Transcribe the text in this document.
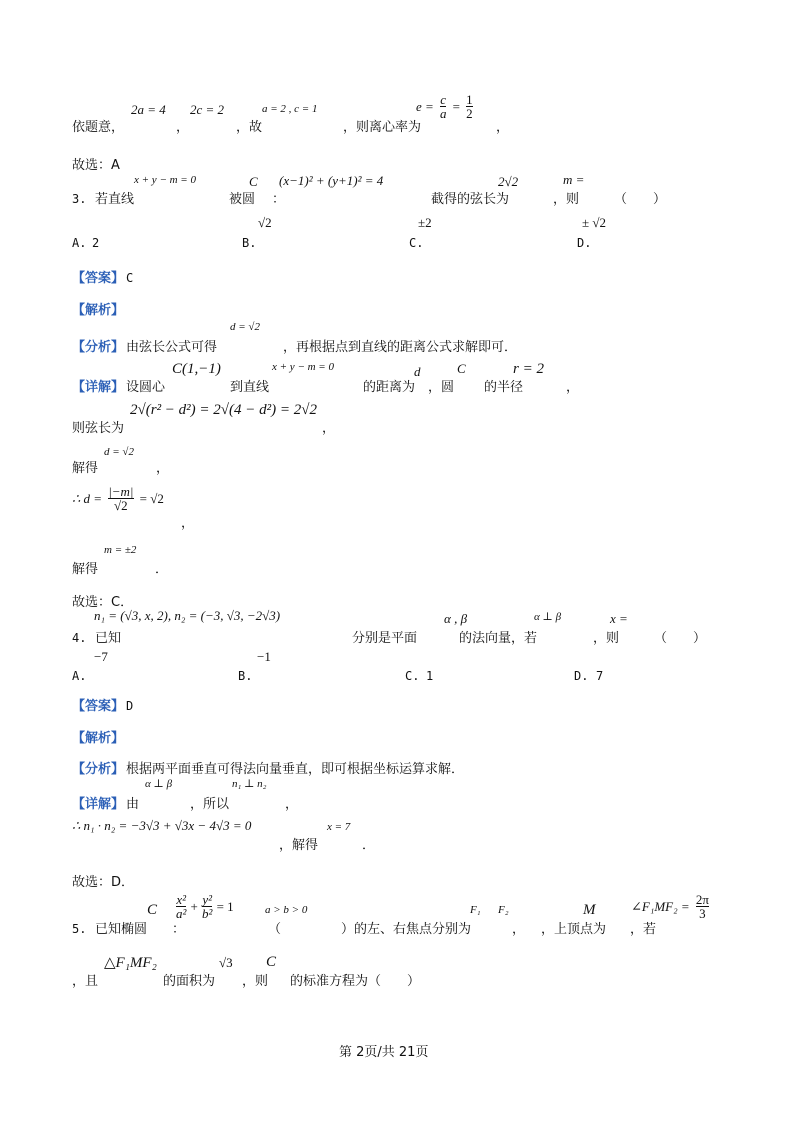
2a = 4 2c = 2	a = 2 , c = 1
依题意，	，	，故	，则离心率为	，
$e = \frac{c}{a} = \frac{1}{2}$
故选：A
x + y − m = 0	C (x−1)² + (y+1)² = 4	2√2	m =
3. 若直线	被圆 ：	截得的弦长为	，则	（　　）
√2	±2	± √2
A. 2	B.	C.	D.
【答案】 C
【解析】
d = √2
【分析】 由弦长公式可得	，再根据点到直线的距离公式求解即可．
C(1,−1)	x + y − m = 0	d	C	r = 2
【详解】 设圆心	到直线	的距离为 ，圆 的半径	，
2√(r² − d²) = 2√(4 − d²) = 2√2
则弦长为	，
d = √2
解得	，
∴ $d = \frac{|-m|}{√2} = √2$
，
m = ±2
解得	．
故选：C．
n₁ = (√3, x, 2), n₂ = (−3, √3, −2√3)	α , β	α ⊥ β	x =
4. 已知	分别是平面	的法向量，若	，则	（　　）
−7	−1
A.	B.	C. 1	D. 7
【答案】 D
【解析】
【分析】 根据两平面垂直可得法向量垂直，即可根据坐标运算求解．
α ⊥ β	n₁ ⊥ n₂
【详解】 由	，所以	，
∴ n₁ · n₂ = −3√3 + √3x − 4√3 = 0	x = 7
，解得	．
故选：D．
C $\frac{\text{x²}}{\text{a²}} + \frac{\text{y²}}{\text{b²}} = 1$	a > b > 0	F₁ F₂	M	∠F₁MF₂ = $\frac{2\pi}{3}$
5. 已知椭圆 ：	（	）的左、右焦点分别为	， ，上顶点为 ，若
△F₁MF₂	√3 C
，且	的面积为 ，则 的标准方程为（　　）
第 2页/共 21页
